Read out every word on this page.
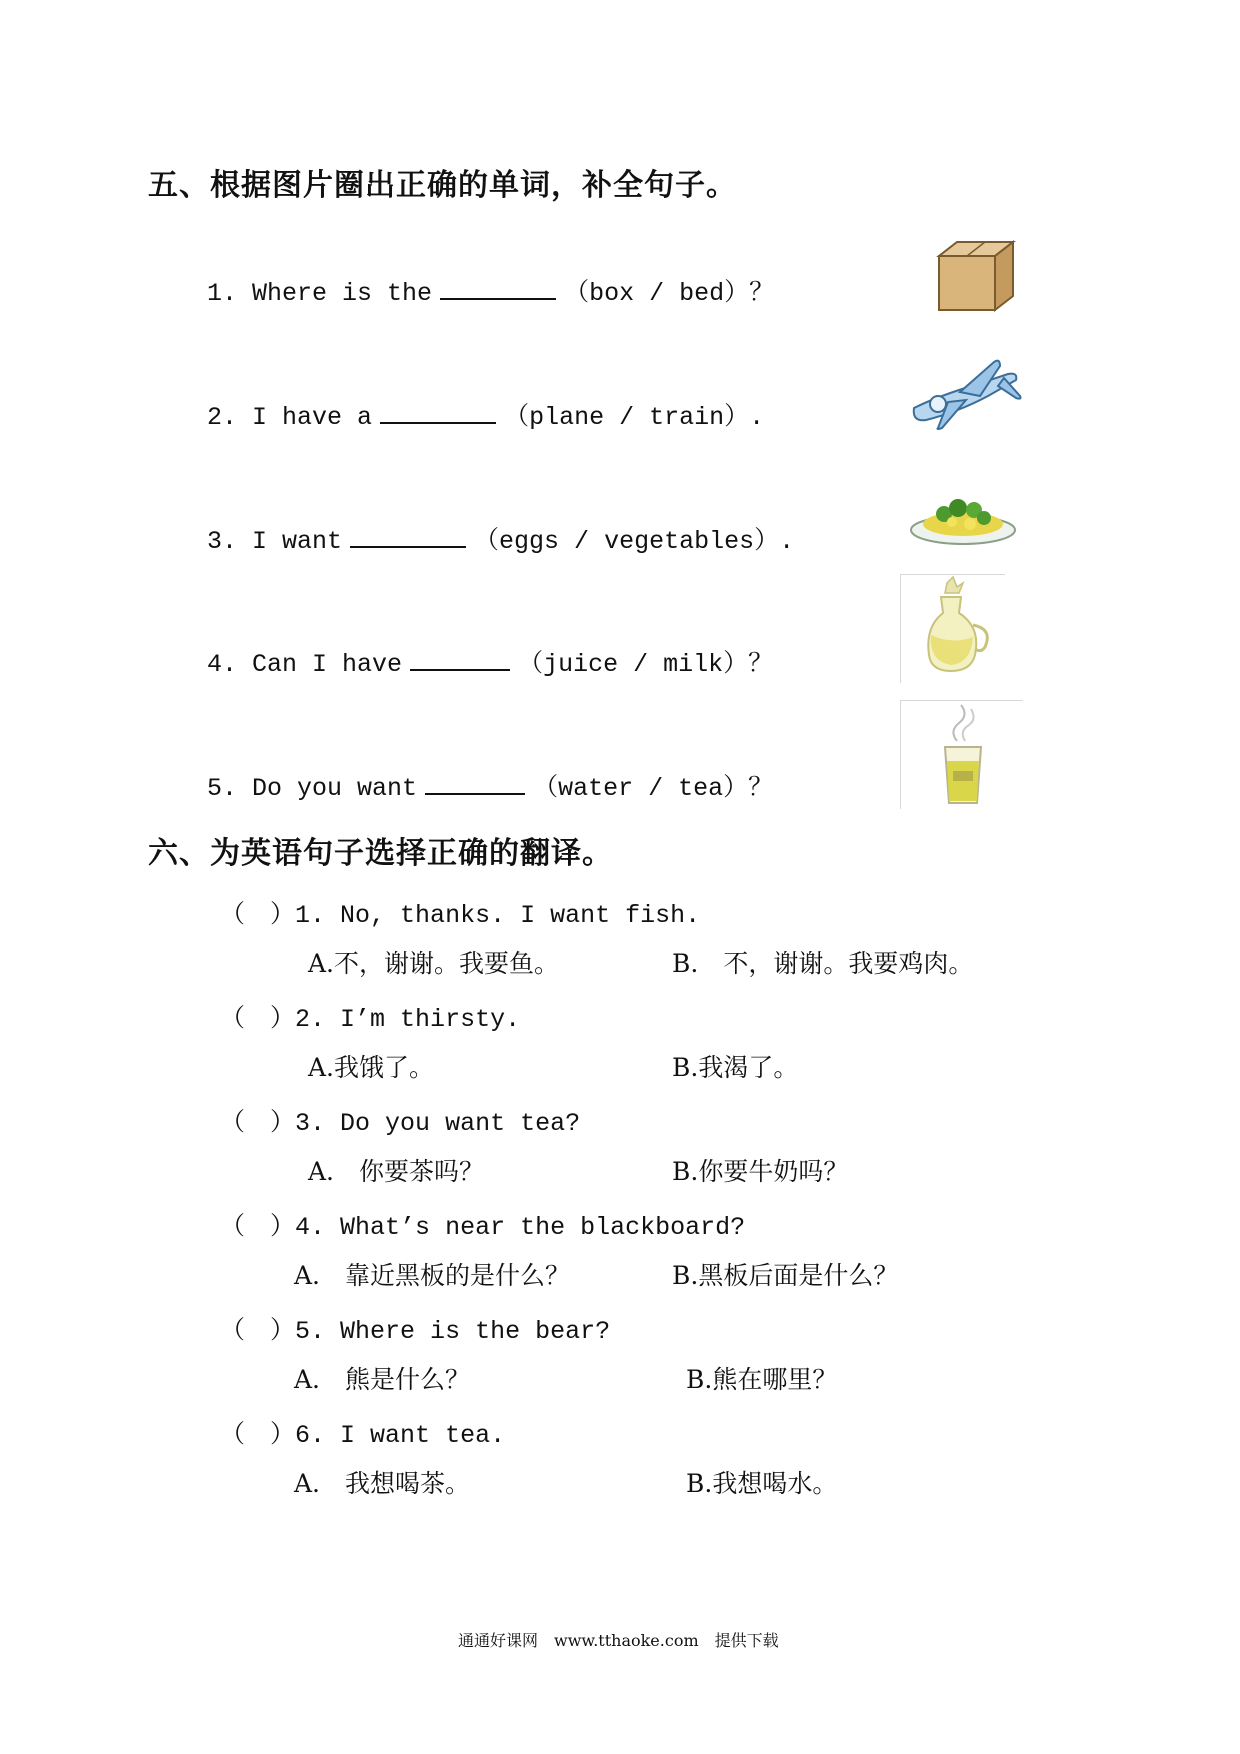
五、根据图片圈出正确的单词，补全句子。
1. Where is the	（box / bed）？
2. I have a	（plane / train）.
3. I want	（eggs / vegetables）.
4. Can I have	（juice / milk）？
5. Do you want	（water / tea）？
六、为英语句子选择正确的翻译。
（　）1. No, thanks. I want fish.
A.不，谢谢。我要鱼。	B.　不，谢谢。我要鸡肉。
（　）2. I’m thirsty.
A.我饿了。	B.我渴了。
（　）3. Do you want tea?
A.　你要茶吗？	B.你要牛奶吗？
（　）4. What’s near the blackboard?
A.　靠近黑板的是什么？	B.黑板后面是什么？
（　）5. Where is the bear?
A.　熊是什么？	B.熊在哪里？
（　）6. I want tea.
A.　我想喝茶。	B.我想喝水。
通通好课网　www.tthaoke.com　提供下载
